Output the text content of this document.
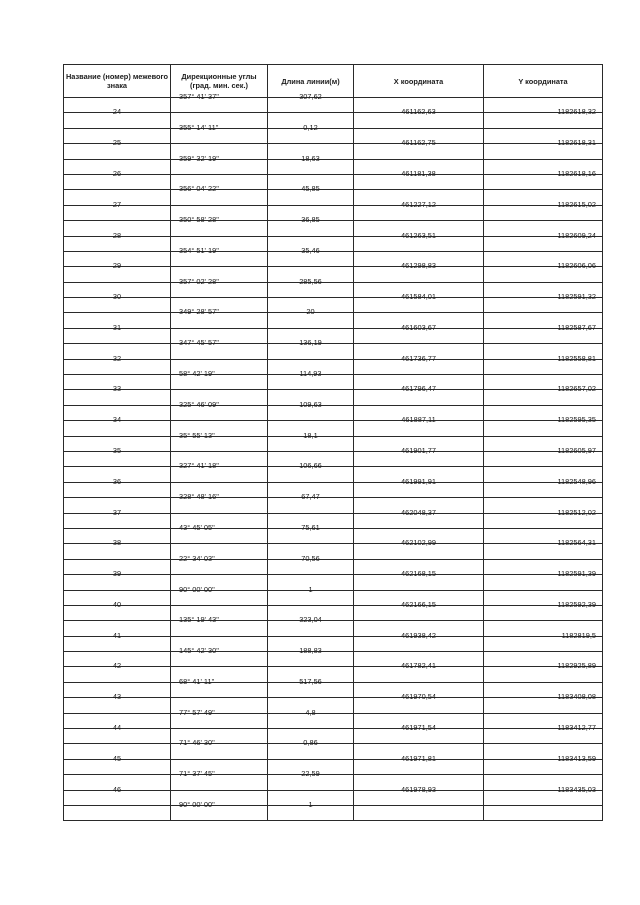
Название (номер) межевого знака	Дирекционные углы (град. мин. сек.)	Длина линии(м)	X координата	Y координата

	357° 41' 37"	307,62		

24			461162,63	1182618,32

	355° 14' 11"	0,12		

25			461162,75	1182618,31

	359° 32' 19"	18,63		

26			461181,38	1182618,16

	356° 04' 22"	45,85		

27			461227,12	1182615,02

	350° 58' 28"	36,85		

28			461263,51	1182609,24

	354° 51' 19"	35,46		

29			461298,83	1182606,06

	357° 02' 28"	285,56		

30			461584,01	1182591,32

	349° 28' 57"	20		

31			461603,67	1182587,67

	347° 45' 57"	136,19		

32			461736,77	1182558,81

	58° 42' 19"	114,93		

33			461796,47	1182657,02

	325° 46' 09"	109,63		

34			461887,11	1182595,35

	35° 55' 13"	18,1		

35			461901,77	1182605,97

	327° 41' 18"	106,66		

36			461991,91	1182548,96

	328° 48' 16"	67,47		

37			462048,37	1182512,02

	43° 45' 05"	75,61		

38			462102,99	1182564,31

	22° 34' 03"	70,56		

39			462168,15	1182591,39

	90° 00' 00"	1		

40			462166,15	1182592,39

	135° 19' 43"	323,04		

41			461938,42	1182819,5

	145° 42' 30"	188,83		

42			461782,41	1182925,89

	68° 41' 11"	517,56		

43			461970,54	1183408,08

	77° 57' 49"	4,8		

44			461971,54	1183412,77

	71° 46' 30"	0,86		

45			461971,81	1183413,59

	71° 37' 45"	22,59		

46			461978,93	1183435,03

	90° 00' 00"	1		
